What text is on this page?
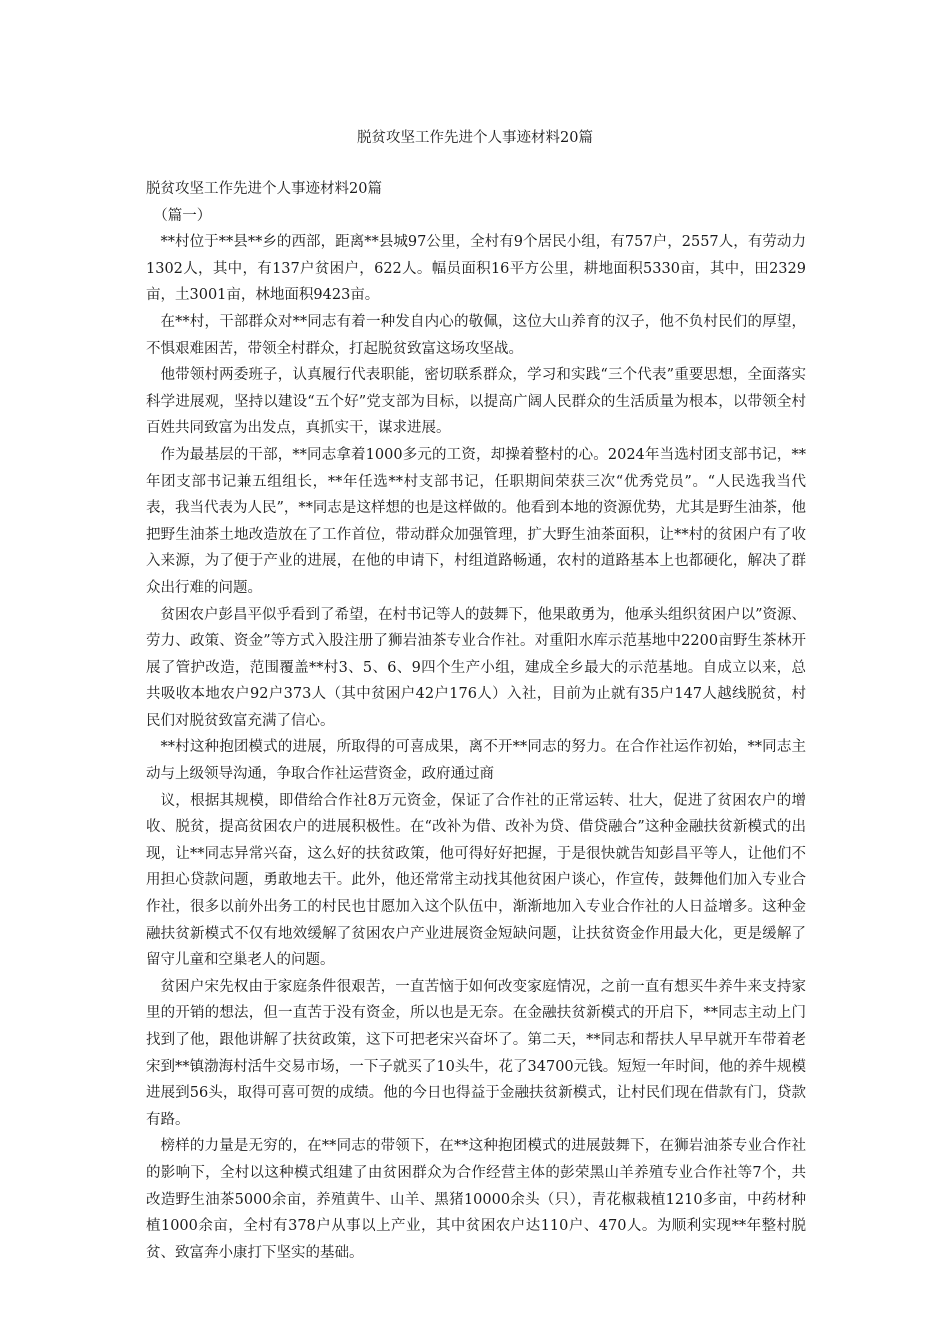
脱贫攻坚工作先进个人事迹材料20篇

脱贫攻坚工作先进个人事迹材料20篇

（篇一）

**村位于**县**乡的西部，距离**县城97公里，全村有9个居民小组，有757户，2557人，有劳动力1302人，其中，有137户贫困户，622人。幅员面积16平方公里，耕地面积5330亩，其中，田2329亩，土3001亩，林地面积9423亩。

在**村，干部群众对**同志有着一种发自内心的敬佩，这位大山养育的汉子，他不负村民们的厚望，不惧艰难困苦，带领全村群众，打起脱贫致富这场攻坚战。

他带领村两委班子，认真履行代表职能，密切联系群众，学习和实践“三个代表”重要思想，全面落实科学进展观，坚持以建设“五个好”党支部为目标，以提高广阔人民群众的生活质量为根本，以带领全村百姓共同致富为出发点，真抓实干，谋求进展。

作为最基层的干部，**同志拿着1000多元的工资，却操着整村的心。2024年当选村团支部书记，**年团支部书记兼五组组长，**年任选**村支部书记，任职期间荣获三次“优秀党员”。“人民选我当代表，我当代表为人民”，**同志是这样想的也是这样做的。他看到本地的资源优势，尤其是野生油茶，他把野生油茶土地改造放在了工作首位，带动群众加强管理，扩大野生油茶面积，让**村的贫困户有了收入来源，为了便于产业的进展，在他的申请下，村组道路畅通，农村的道路基本上也都硬化，解决了群众出行难的问题。

贫困农户彭昌平似乎看到了希望，在村书记等人的鼓舞下，他果敢勇为，他承头组织贫困户以”资源、劳力、政策、资金”等方式入股注册了狮岩油茶专业合作社。对重阳水库示范基地中2200亩野生茶林开展了管护改造，范围覆盖**村3、5、6、9四个生产小组，建成全乡最大的示范基地。自成立以来，总共吸收本地农户92户373人（其中贫困户42户176人）入社，目前为止就有35户147人越线脱贫，村民们对脱贫致富充满了信心。

**村这种抱团模式的进展，所取得的可喜成果，离不开**同志的努力。在合作社运作初始，**同志主动与上级领导沟通，争取合作社运营资金，政府通过商

议，根据其规模，即借给合作社8万元资金，保证了合作社的正常运转、壮大，促进了贫困农户的增收、脱贫，提高贫困农户的进展积极性。在“改补为借、改补为贷、借贷融合”这种金融扶贫新模式的出现，让**同志异常兴奋，这么好的扶贫政策，他可得好好把握，于是很快就告知彭昌平等人，让他们不用担心贷款问题，勇敢地去干。此外，他还常常主动找其他贫困户谈心，作宣传，鼓舞他们加入专业合作社，很多以前外出务工的村民也甘愿加入这个队伍中，渐渐地加入专业合作社的人日益增多。这种金融扶贫新模式不仅有地效缓解了贫困农户产业进展资金短缺问题，让扶贫资金作用最大化，更是缓解了留守儿童和空巢老人的问题。

贫困户宋先权由于家庭条件很艰苦，一直苦恼于如何改变家庭情况，之前一直有想买牛养牛来支持家里的开销的想法，但一直苦于没有资金，所以也是无奈。在金融扶贫新模式的开启下，**同志主动上门找到了他，跟他讲解了扶贫政策，这下可把老宋兴奋坏了。第二天，**同志和帮扶人早早就开车带着老宋到**镇渤海村活牛交易市场，一下子就买了10头牛，花了34700元钱。短短一年时间，他的养牛规模进展到56头，取得可喜可贺的成绩。他的今日也得益于金融扶贫新模式，让村民们现在借款有门，贷款有路。

榜样的力量是无穷的，在**同志的带领下，在**这种抱团模式的进展鼓舞下，在狮岩油茶专业合作社的影响下，全村以这种模式组建了由贫困群众为合作经营主体的彭荣黑山羊养殖专业合作社等7个，共改造野生油茶5000余亩，养殖黄牛、山羊、黑猪10000余头（只），青花椒栽植1210多亩，中药材种植1000余亩，全村有378户从事以上产业，其中贫困农户达110户、470人。为顺利实现**年整村脱贫、致富奔小康打下坚实的基础。
